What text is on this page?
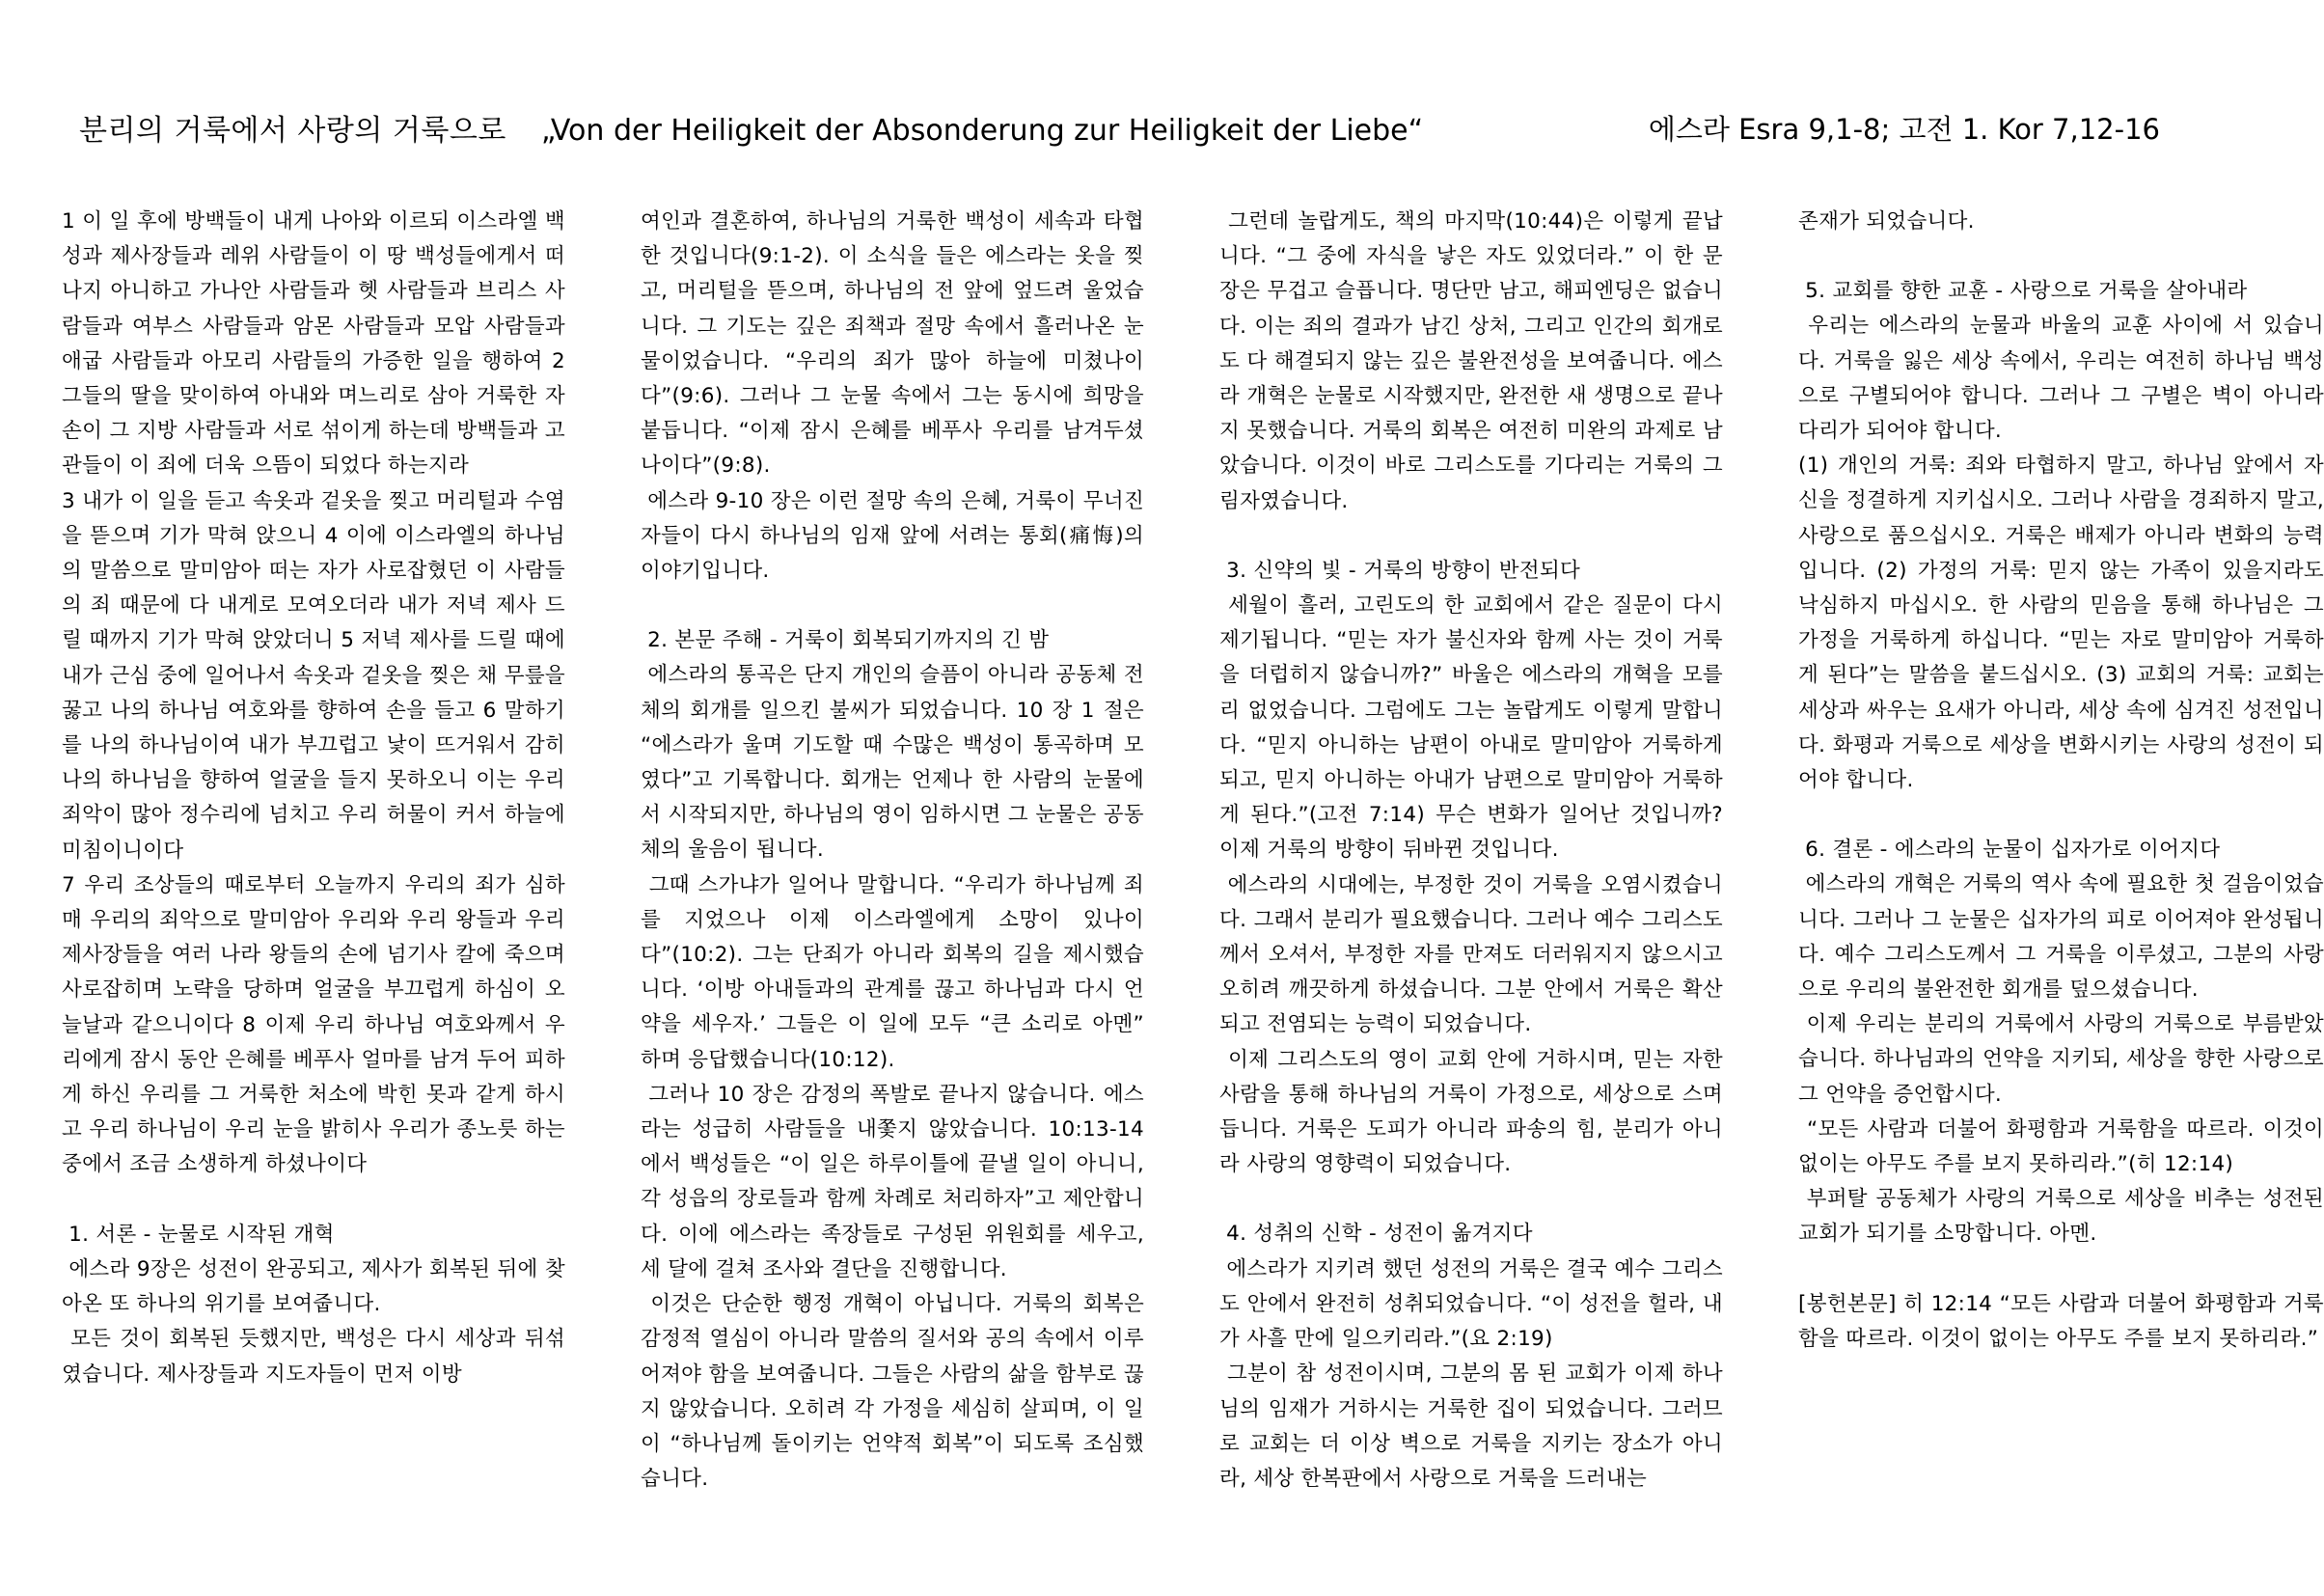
분리의 거룩에서 사랑의 거룩으로 „Von der Heiligkeit der Absonderung zur Heiligkeit der Liebe“	에스라 Esra 9,1-8; 고전 1. Kor 7,12-16

1 이 일 후에 방백들이 내게 나아와 이르되 이스라엘 백성과 제사장들과 레위 사람들이 이 땅 백성들에게서 떠나지 아니하고 가나안 사람들과 헷 사람들과 브리스 사람들과 여부스 사람들과 암몬 사람들과 모압 사람들과 애굽 사람들과 아모리 사람들의 가증한 일을 행하여 2 그들의 딸을 맞이하여 아내와 며느리로 삼아 거룩한 자손이 그 지방 사람들과 서로 섞이게 하는데 방백들과 고관들이 이 죄에 더욱 으뜸이 되었다 하는지라

3 내가 이 일을 듣고 속옷과 겉옷을 찢고 머리털과 수염을 뜯으며 기가 막혀 앉으니 4 이에 이스라엘의 하나님의 말씀으로 말미암아 떠는 자가 사로잡혔던 이 사람들의 죄 때문에 다 내게로 모여오더라 내가 저녁 제사 드릴 때까지 기가 막혀 앉았더니 5 저녁 제사를 드릴 때에 내가 근심 중에 일어나서 속옷과 겉옷을 찢은 채 무릎을 꿇고 나의 하나님 여호와를 향하여 손을 들고 6 말하기를 나의 하나님이여 내가 부끄럽고 낯이 뜨거워서 감히 나의 하나님을 향하여 얼굴을 들지 못하오니 이는 우리 죄악이 많아 정수리에 넘치고 우리 허물이 커서 하늘에 미침이니이다

7 우리 조상들의 때로부터 오늘까지 우리의 죄가 심하매 우리의 죄악으로 말미암아 우리와 우리 왕들과 우리 제사장들을 여러 나라 왕들의 손에 넘기사 칼에 죽으며 사로잡히며 노략을 당하며 얼굴을 부끄럽게 하심이 오늘날과 같으니이다 8 이제 우리 하나님 여호와께서 우리에게 잠시 동안 은혜를 베푸사 얼마를 남겨 두어 피하게 하신 우리를 그 거룩한 처소에 박힌 못과 같게 하시고 우리 하나님이 우리 눈을 밝히사 우리가 종노릇 하는 중에서 조금 소생하게 하셨나이다

1. 서론 - 눈물로 시작된 개혁

에스라 9장은 성전이 완공되고, 제사가 회복된 뒤에 찾아온 또 하나의 위기를 보여줍니다.

모든 것이 회복된 듯했지만, 백성은 다시 세상과 뒤섞였습니다. 제사장들과 지도자들이 먼저 이방

여인과 결혼하여, 하나님의 거룩한 백성이 세속과 타협한 것입니다(9:1-2). 이 소식을 들은 에스라는 옷을 찢고, 머리털을 뜯으며, 하나님의 전 앞에 엎드려 울었습니다. 그 기도는 깊은 죄책과 절망 속에서 흘러나온 눈물이었습니다. “우리의 죄가 많아 하늘에 미쳤나이다”(9:6). 그러나 그 눈물 속에서 그는 동시에 희망을 붙듭니다. “이제 잠시 은혜를 베푸사 우리를 남겨두셨나이다”(9:8).

에스라 9-10 장은 이런 절망 속의 은혜, 거룩이 무너진 자들이 다시 하나님의 임재 앞에 서려는 통회(痛悔)의 이야기입니다.

2. 본문 주해 - 거룩이 회복되기까지의 긴 밤

에스라의 통곡은 단지 개인의 슬픔이 아니라 공동체 전체의 회개를 일으킨 불씨가 되었습니다. 10 장 1 절은 “에스라가 울며 기도할 때 수많은 백성이 통곡하며 모였다”고 기록합니다. 회개는 언제나 한 사람의 눈물에서 시작되지만, 하나님의 영이 임하시면 그 눈물은 공동체의 울음이 됩니다.

그때 스가냐가 일어나 말합니다. “우리가 하나님께 죄를 지었으나 이제 이스라엘에게 소망이 있나이다”(10:2). 그는 단죄가 아니라 회복의 길을 제시했습니다. ‘이방 아내들과의 관계를 끊고 하나님과 다시 언약을 세우자.’ 그들은 이 일에 모두 “큰 소리로 아멘” 하며 응답했습니다(10:12).

그러나 10 장은 감정의 폭발로 끝나지 않습니다. 에스라는 성급히 사람들을 내쫓지 않았습니다. 10:13-14 에서 백성들은 “이 일은 하루이틀에 끝낼 일이 아니니, 각 성읍의 장로들과 함께 차례로 처리하자”고 제안합니다. 이에 에스라는 족장들로 구성된 위원회를 세우고, 세 달에 걸쳐 조사와 결단을 진행합니다.

이것은 단순한 행정 개혁이 아닙니다. 거룩의 회복은 감정적 열심이 아니라 말씀의 질서와 공의 속에서 이루어져야 함을 보여줍니다. 그들은 사람의 삶을 함부로 끊지 않았습니다. 오히려 각 가정을 세심히 살피며, 이 일이 “하나님께 돌이키는 언약적 회복”이 되도록 조심했습니다.

그런데 놀랍게도, 책의 마지막(10:44)은 이렇게 끝납니다. “그 중에 자식을 낳은 자도 있었더라.” 이 한 문장은 무겁고 슬픕니다. 명단만 남고, 해피엔딩은 없습니다. 이는 죄의 결과가 남긴 상처, 그리고 인간의 회개로도 다 해결되지 않는 깊은 불완전성을 보여줍니다. 에스라 개혁은 눈물로 시작했지만, 완전한 새 생명으로 끝나지 못했습니다. 거룩의 회복은 여전히 미완의 과제로 남았습니다. 이것이 바로 그리스도를 기다리는 거룩의 그림자였습니다.

3. 신약의 빛 - 거룩의 방향이 반전되다

세월이 흘러, 고린도의 한 교회에서 같은 질문이 다시 제기됩니다. “믿는 자가 불신자와 함께 사는 것이 거룩을 더럽히지 않습니까?” 바울은 에스라의 개혁을 모를 리 없었습니다. 그럼에도 그는 놀랍게도 이렇게 말합니다. “믿지 아니하는 남편이 아내로 말미암아 거룩하게 되고, 믿지 아니하는 아내가 남편으로 말미암아 거룩하게 된다.”(고전 7:14) 무슨 변화가 일어난 것입니까? 이제 거룩의 방향이 뒤바뀐 것입니다.

에스라의 시대에는, 부정한 것이 거룩을 오염시켰습니다. 그래서 분리가 필요했습니다. 그러나 예수 그리스도께서 오셔서, 부정한 자를 만져도 더러워지지 않으시고 오히려 깨끗하게 하셨습니다. 그분 안에서 거룩은 확산되고 전염되는 능력이 되었습니다.

이제 그리스도의 영이 교회 안에 거하시며, 믿는 자한 사람을 통해 하나님의 거룩이 가정으로, 세상으로 스며듭니다. 거룩은 도피가 아니라 파송의 힘, 분리가 아니라 사랑의 영향력이 되었습니다.

4. 성취의 신학 - 성전이 옮겨지다

에스라가 지키려 했던 성전의 거룩은 결국 예수 그리스도 안에서 완전히 성취되었습니다. “이 성전을 헐라, 내가 사흘 만에 일으키리라.”(요 2:19)

그분이 참 성전이시며, 그분의 몸 된 교회가 이제 하나님의 임재가 거하시는 거룩한 집이 되었습니다. 그러므로 교회는 더 이상 벽으로 거룩을 지키는 장소가 아니라, 세상 한복판에서 사랑으로 거룩을 드러내는

존재가 되었습니다.

5. 교회를 향한 교훈 - 사랑으로 거룩을 살아내라

우리는 에스라의 눈물과 바울의 교훈 사이에 서 있습니다. 거룩을 잃은 세상 속에서, 우리는 여전히 하나님 백성으로 구별되어야 합니다. 그러나 그 구별은 벽이 아니라 다리가 되어야 합니다.

(1) 개인의 거룩: 죄와 타협하지 말고, 하나님 앞에서 자신을 정결하게 지키십시오. 그러나 사람을 경죄하지 말고, 사랑으로 품으십시오. 거룩은 배제가 아니라 변화의 능력입니다. (2) 가정의 거룩: 믿지 않는 가족이 있을지라도 낙심하지 마십시오. 한 사람의 믿음을 통해 하나님은 그 가정을 거룩하게 하십니다. “믿는 자로 말미암아 거룩하게 된다”는 말씀을 붙드십시오. (3) 교회의 거룩: 교회는 세상과 싸우는 요새가 아니라, 세상 속에 심겨진 성전입니다. 화평과 거룩으로 세상을 변화시키는 사랑의 성전이 되어야 합니다.

6. 결론 - 에스라의 눈물이 십자가로 이어지다

에스라의 개혁은 거룩의 역사 속에 필요한 첫 걸음이었습니다. 그러나 그 눈물은 십자가의 피로 이어져야 완성됩니다. 예수 그리스도께서 그 거룩을 이루셨고, 그분의 사랑으로 우리의 불완전한 회개를 덮으셨습니다.

이제 우리는 분리의 거룩에서 사랑의 거룩으로 부름받았습니다. 하나님과의 언약을 지키되, 세상을 향한 사랑으로 그 언약을 증언합시다.

“모든 사람과 더불어 화평함과 거룩함을 따르라. 이것이 없이는 아무도 주를 보지 못하리라.”(히 12:14)

부퍼탈 공동체가 사랑의 거룩으로 세상을 비추는 성전된 교회가 되기를 소망합니다. 아멘.

[봉헌본문] 히 12:14 “모든 사람과 더불어 화평함과 거룩함을 따르라. 이것이 없이는 아무도 주를 보지 못하리라.”
